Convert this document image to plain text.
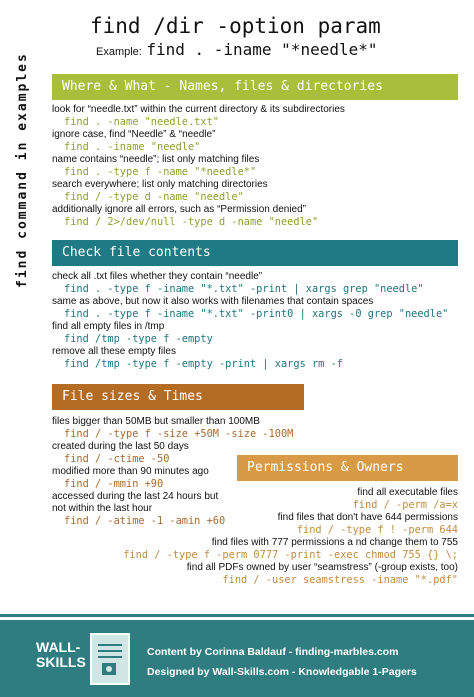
find command in examples
find /dir -option param
Example: find . -iname "*needle*"
Where & What - Names, files & directories
look for “needle.txt” within the current directory & its subdirectories
find . -name "needle.txt"
ignore case, find “Needle” & “needle”
find . -iname "needle"
name contains “needle”; list only matching files
find . -type f -name "*needle*"
search everywhere; list only matching directories
find / -type d -name "needle"
additionally ignore all errors, such as “Permission denied”
find / 2>/dev/null -type d -name "needle"
Check file contents
check all .txt files whether they contain “needle”
find . -type f -iname "*.txt" -print | xargs grep "needle"
same as above, but now it also works with filenames that contain spaces
find . -type f -iname "*.txt" -print0 | xargs -0 grep "needle"
find all empty files in /tmp
find /tmp -type f -empty
remove all these empty files
find /tmp -type f -empty -print | xargs rm -f
File sizes & Times
files bigger than 50MB but smaller than 100MB
find / -type f -size +50M -size -100M
created during the last 50 days
find / -ctime -50
modified more than 90 minutes ago
find / -mmin +90
accessed during the last 24 hours but
not within the last hour
find / -atime -1 -amin +60
Permissions & Owners
find all executable files
find / -perm /a=x
find files that don't have 644 permissions
find / -type f ! -perm 644
find files with 777 permissions a nd change them to 755
find / -type f -perm 0777 -print -exec chmod 755 {} \;
find all PDFs owned by user “seamstress” (-group exists, too)
find / -user seamstress -iname "*.pdf"
WALL-
SKILLS
Content by Corinna Baldauf - finding-marbles.com
Designed by Wall-Skills.com - Knowledgable 1-Pagers
